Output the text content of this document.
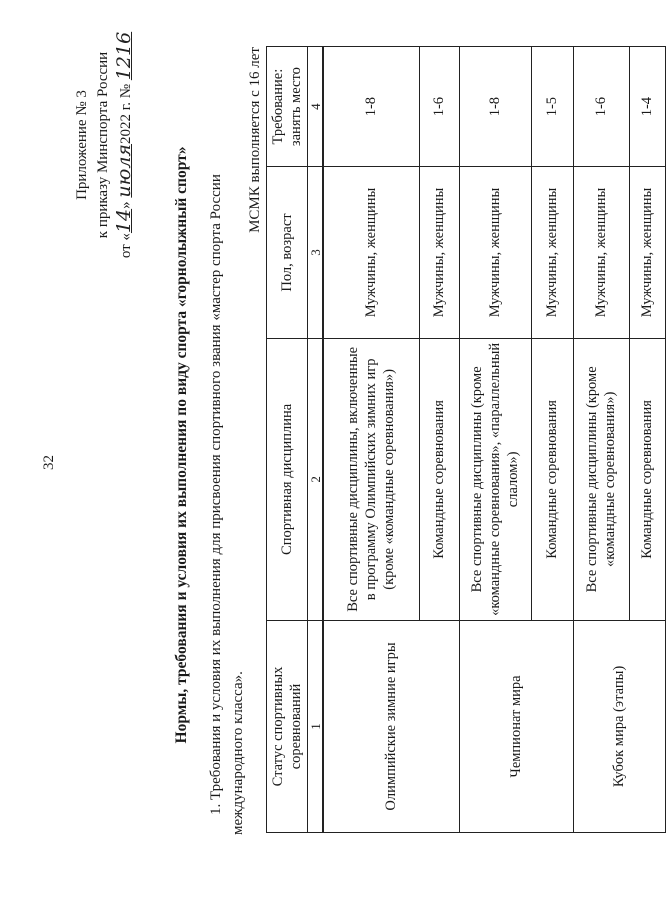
32
Приложение № 3 к приказу Минспорта России
от «14» июля2022 г. № 1216
Нормы, требования и условия их выполнения по виду спорта «горнолыжный спорт» 1. Требования и условия их выполнения для присвоения спортивного звания «мастер спорта России международного класса».
МСМК выполняется с 16 лет
Статус спортивных соревнований	Спортивная дисциплина	Пол, возраст	Требование: занять место
1	2	3	4
Олимпийские зимние игры	Все спортивные дисциплины, включенные в программу Олимпийских зимних игр (кроме «командные соревнования»)	Мужчины, женщины	1-8
	Командные соревнования	Мужчины, женщины	1-6
Чемпионат мира	Все спортивные дисциплины (кроме «командные соревнования», «параллельный слалом»)	Мужчины, женщины	1-8
	Командные соревнования	Мужчины, женщины	1-5
Кубок мира (этапы)	Все спортивные дисциплины (кроме «командные соревнования»)	Мужчины, женщины	1-6
	Командные соревнования	Мужчины, женщины	1-4
